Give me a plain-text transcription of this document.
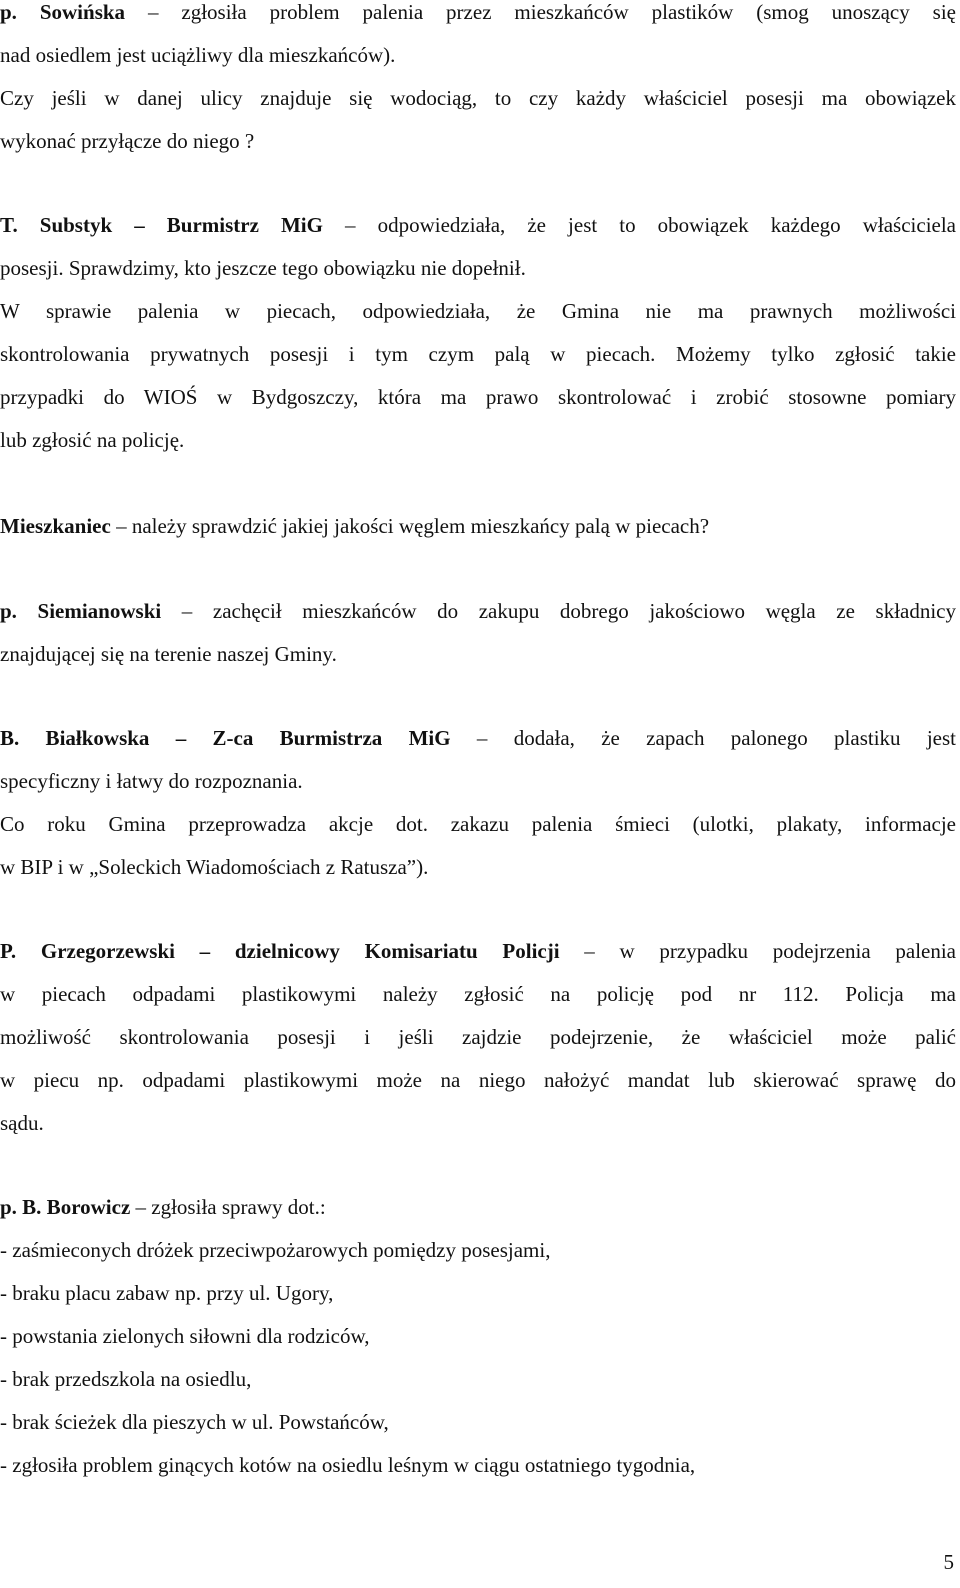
p. Sowińska – zgłosiła problem palenia przez mieszkańców plastików (smog unoszący się
nad osiedlem jest uciążliwy dla mieszkańców).
Czy jeśli w danej ulicy znajduje się wodociąg, to czy każdy właściciel posesji ma obowiązek
wykonać przyłącze do niego ?
T. Substyk – Burmistrz MiG – odpowiedziała, że jest to obowiązek każdego właściciela
posesji. Sprawdzimy, kto jeszcze tego obowiązku nie dopełnił.
W sprawie palenia w piecach, odpowiedziała, że Gmina nie ma prawnych możliwości
skontrolowania prywatnych posesji i tym czym palą w piecach. Możemy tylko zgłosić takie
przypadki do WIOŚ w Bydgoszczy, która ma prawo skontrolować i zrobić stosowne pomiary
lub zgłosić na policję.
Mieszkaniec – należy sprawdzić jakiej jakości węglem mieszkańcy palą w piecach?
p. Siemianowski – zachęcił mieszkańców do zakupu dobrego jakościowo węgla ze składnicy
znajdującej się na terenie naszej Gminy.
B. Białkowska – Z-ca Burmistrza MiG – dodała, że zapach palonego plastiku jest
specyficzny i łatwy do rozpoznania.
Co roku Gmina przeprowadza akcje dot. zakazu palenia śmieci (ulotki, plakaty, informacje
w BIP i w „Soleckich Wiadomościach z Ratusza”).
P. Grzegorzewski – dzielnicowy Komisariatu Policji – w przypadku podejrzenia palenia
w piecach odpadami plastikowymi należy zgłosić na policję pod nr 112. Policja ma
możliwość skontrolowania posesji i jeśli zajdzie podejrzenie, że właściciel może palić
w piecu np. odpadami plastikowymi może na niego nałożyć mandat lub skierować sprawę do
sądu.
p. B. Borowicz – zgłosiła sprawy dot.:
- zaśmieconych dróżek przeciwpożarowych pomiędzy posesjami,
- braku placu zabaw np. przy ul. Ugory,
- powstania zielonych siłowni dla rodziców,
- brak przedszkola na osiedlu,
- brak ścieżek dla pieszych w ul. Powstańców,
- zgłosiła problem ginących kotów na osiedlu leśnym w ciągu ostatniego tygodnia,
5
